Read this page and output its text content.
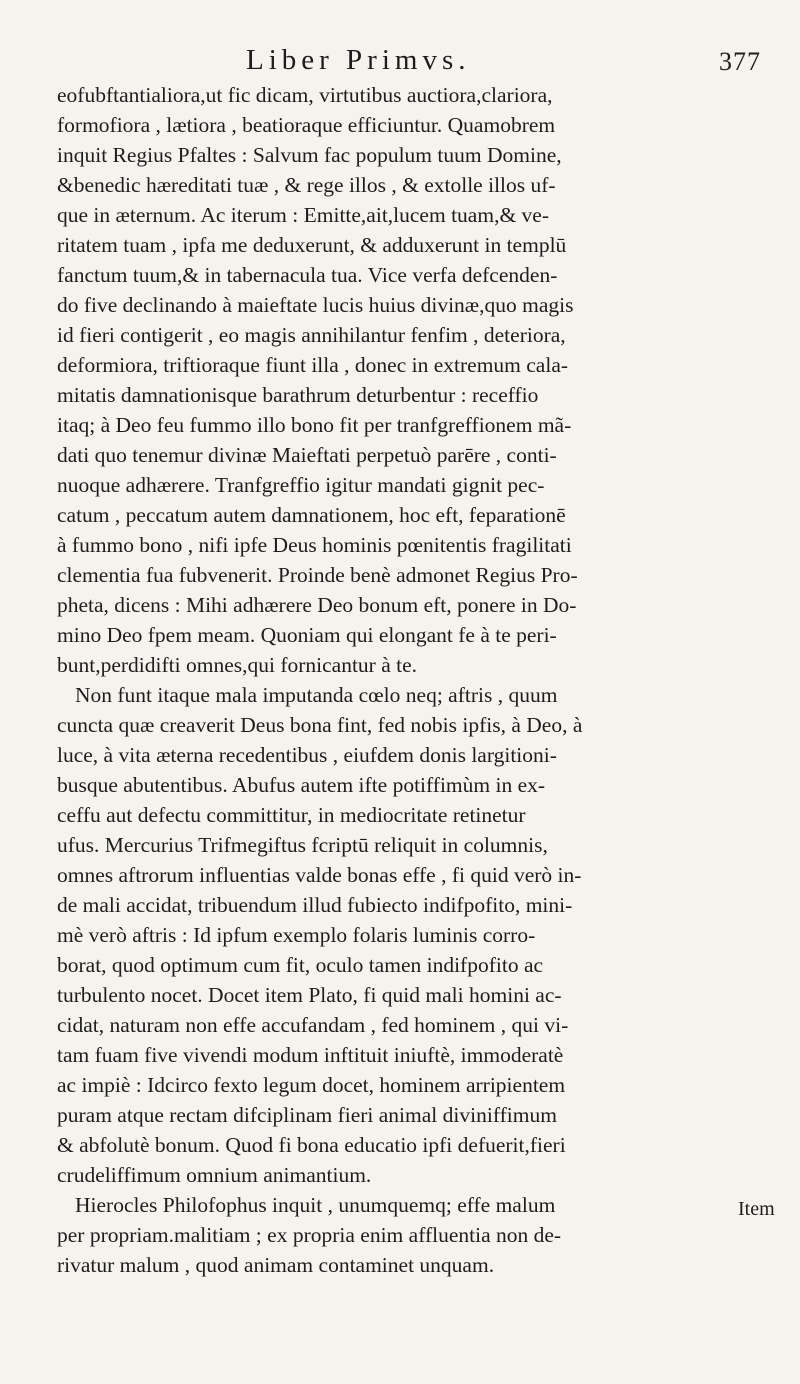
Liber Primvs.	377
eofubftantialiora,ut fic dicam, virtutibus auctiora,clariora,
formofiora , lætiora , beatioraque efficiuntur. Quamobrem
inquit Regius Pfaltes : Salvum fac populum tuum Domine,
&benedic hæreditati tuæ , & rege illos , & extolle illos uf-
que in æternum. Ac iterum : Emitte,ait,lucem tuam,& ve-
ritatem tuam , ipfa me deduxerunt, & adduxerunt in templū
fanctum tuum,& in tabernacula tua. Vice verfa defcenden-
do five declinando à maieftate lucis huius divinæ,quo magis
id fieri contigerit , eo magis annihilantur fenfim , deteriora,
deformiora, triftioraque fiunt illa , donec in extremum cala-
mitatis damnationisque barathrum deturbentur : receffio
itaq; à Deo feu fummo illo bono fit per tranfgreffionem mã-
dati quo tenemur divinæ Maieftati perpetuò parēre , conti-
nuoque adhærere. Tranfgreffio igitur mandati gignit pec-
catum , peccatum autem damnationem, hoc eft, feparationē
à fummo bono , nifi ipfe Deus hominis pœnitentis fragilitati
clementia fua fubvenerit. Proinde benè admonet Regius Pro-
pheta, dicens : Mihi adhærere Deo bonum eft, ponere in Do-
mino Deo fpem meam. Quoniam qui elongant fe à te peri-
bunt,perdidifti omnes,qui fornicantur à te.
Non funt itaque mala imputanda cœlo neq; aftris , quum
cuncta quæ creaverit Deus bona fint, fed nobis ipfis, à Deo, à
luce, à vita æterna recedentibus , eiufdem donis largitioni-
busque abutentibus. Abufus autem ifte potiffimùm in ex-
ceffu aut defectu committitur, in mediocritate retinetur
ufus. Mercurius Trifmegiftus fcriptū reliquit in columnis,
omnes aftrorum influentias valde bonas effe , fi quid verò in-
de mali accidat, tribuendum illud fubiecto indifpofito, mini-
mè verò aftris : Id ipfum exemplo folaris luminis corro-
borat, quod optimum cum fit, oculo tamen indifpofito ac
turbulento nocet. Docet item Plato, fi quid mali homini ac-
cidat, naturam non effe accufandam , fed hominem , qui vi-
tam fuam five vivendi modum inftituit iniuftè, immoderatè
ac impiè : Idcirco fexto legum docet, hominem arripientem
puram atque rectam difciplinam fieri animal diviniffimum
& abfolutè bonum. Quod fi bona educatio ipfi defuerit,fieri
crudeliffimum omnium animantium.
Hierocles Philofophus inquit , unumquemq; effe malum
per propriam.malitiam ; ex propria enim affluentia non de-
rivatur malum , quod animam contaminet unquam.
Item
